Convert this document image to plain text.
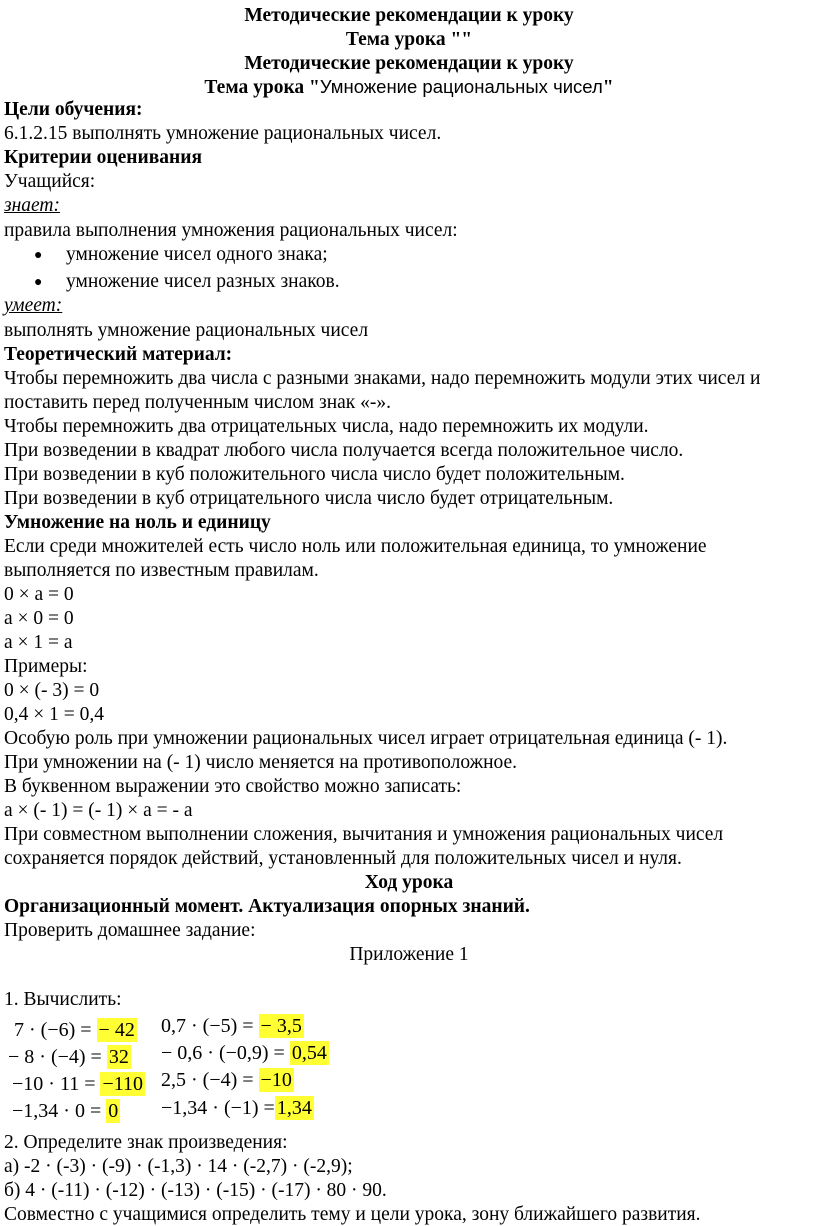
Методические рекомендации к уроку
Тема урока ""
Методические рекомендации к уроку
Тема урока "Умножение рациональных чисел"
Цели обучения:
6.1.2.15 выполнять умножение рациональных чисел.
Критерии оценивания
Учащийся:
знает:
правила выполнения умножения рациональных чисел:
● умножение чисел одного знака;
● умножение чисел разных знаков.
умеет:
выполнять умножение рациональных чисел
Теоретический материал:
Чтобы перемножить два числа с разными знаками, надо перемножить модули этих чисел и
поставить перед полученным числом знак «-».
Чтобы перемножить два отрицательных числа, надо перемножить их модули.
При возведении в квадрат любого числа получается всегда положительное число.
При возведении в куб положительного числа число будет положительным.
При возведении в куб отрицательного числа число будет отрицательным.
Умножение на ноль и единицу
Если среди множителей есть число ноль или положительная единица, то умножение
выполняется по известным правилам.
0 × а = 0
а × 0 = 0
а × 1 = а
Примеры:
0 × (- 3) = 0
0,4 × 1 = 0,4
Особую роль при умножении рациональных чисел играет отрицательная единица (- 1).
При умножении на (- 1) число меняется на противоположное.
В буквенном выражении это свойство можно записать:
а × (- 1) = (- 1) × а = - а
При совместном выполнении сложения, вычитания и умножения рациональных чисел
сохраняется порядок действий, установленный для положительных чисел и нуля.
Ход урока
Организационный момент. Актуализация опорных знаний.
Проверить домашнее задание:
Приложение 1
1. Вычислить:
7 · (−6) = − 42
− 8 · (−4) = 32
−10 · 11 = −110
−1,34 · 0 = 0
0,7 · (−5) = − 3,5
− 0,6 · (−0,9) = 0,54
2,5 · (−4) = −10
−1,34 · (−1) = 1,34
2. Определите знак произведения:
а) -2 · (-3) · (-9) · (-1,3) · 14 · (-2,7) · (-2,9);
б) 4 · (-11) · (-12) · (-13) · (-15) · (-17) · 80 · 90.
Совместно с учащимися определить тему и цели урока, зону ближайшего развития.
